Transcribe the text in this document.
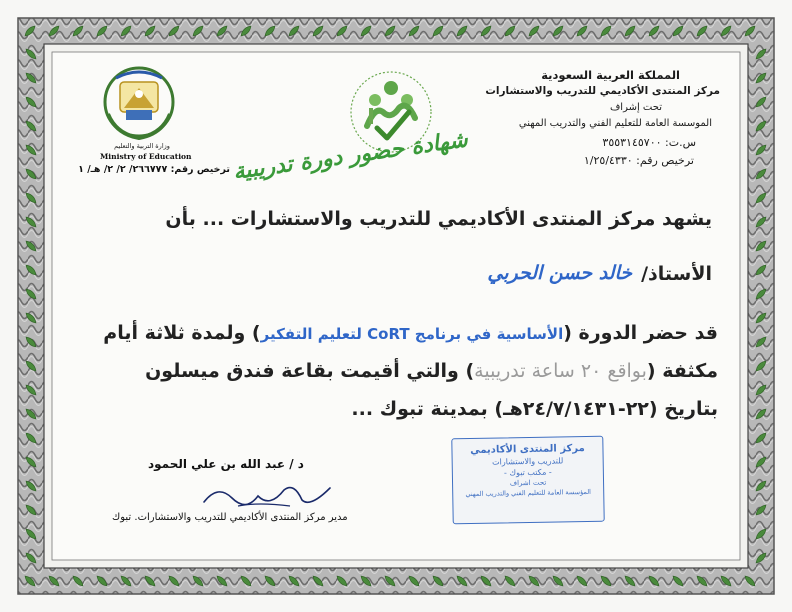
المملكة العربية السعودية
مركز المنتدى الأكاديمي للتدريب والاستشارات
تحت إشراف
الموسسة العامة للتعليم الفني والتدريب المهني
س.ت: ٣٥٥٣١٤٥٧٠٠
ترخيص رقم: ١/٢٥/٤٣٣٠
شهادة حضور دورة تدريبية
وزارة التربية والتعليم
Ministry of Education
ترخيص رقم: ٢٦٦٧٧٧/ ٢/ ٢/ هـ/ ١
يشهد مركز المنتدى الأكاديمي للتدريب والاستشارات ... بأن
الأستاذ/
خالد حسن الحربي
قد حضر الدورة (الأساسية في برنامج CoRT لتعليم التفكير) ولمدة ثلاثة أيام
مكثفة (بواقع ٢٠ ساعة تدريبية) والتي أقيمت بقاعة فندق ميسلون
بتاريخ (٢٢-٢٤/٧/١٤٣١هـ) بمدينة تبوك ...
د / عبد الله بن علي الحمود
مدير مركز المنتدى الأكاديمي للتدريب والاستشارات. تبوك
مركز المنتدى الأكاديمي
للتدريب والاستشارات
- مكتب تبوك -
تحت اشراف
المؤسسة العامة للتعليم الفني والتدريب المهني
